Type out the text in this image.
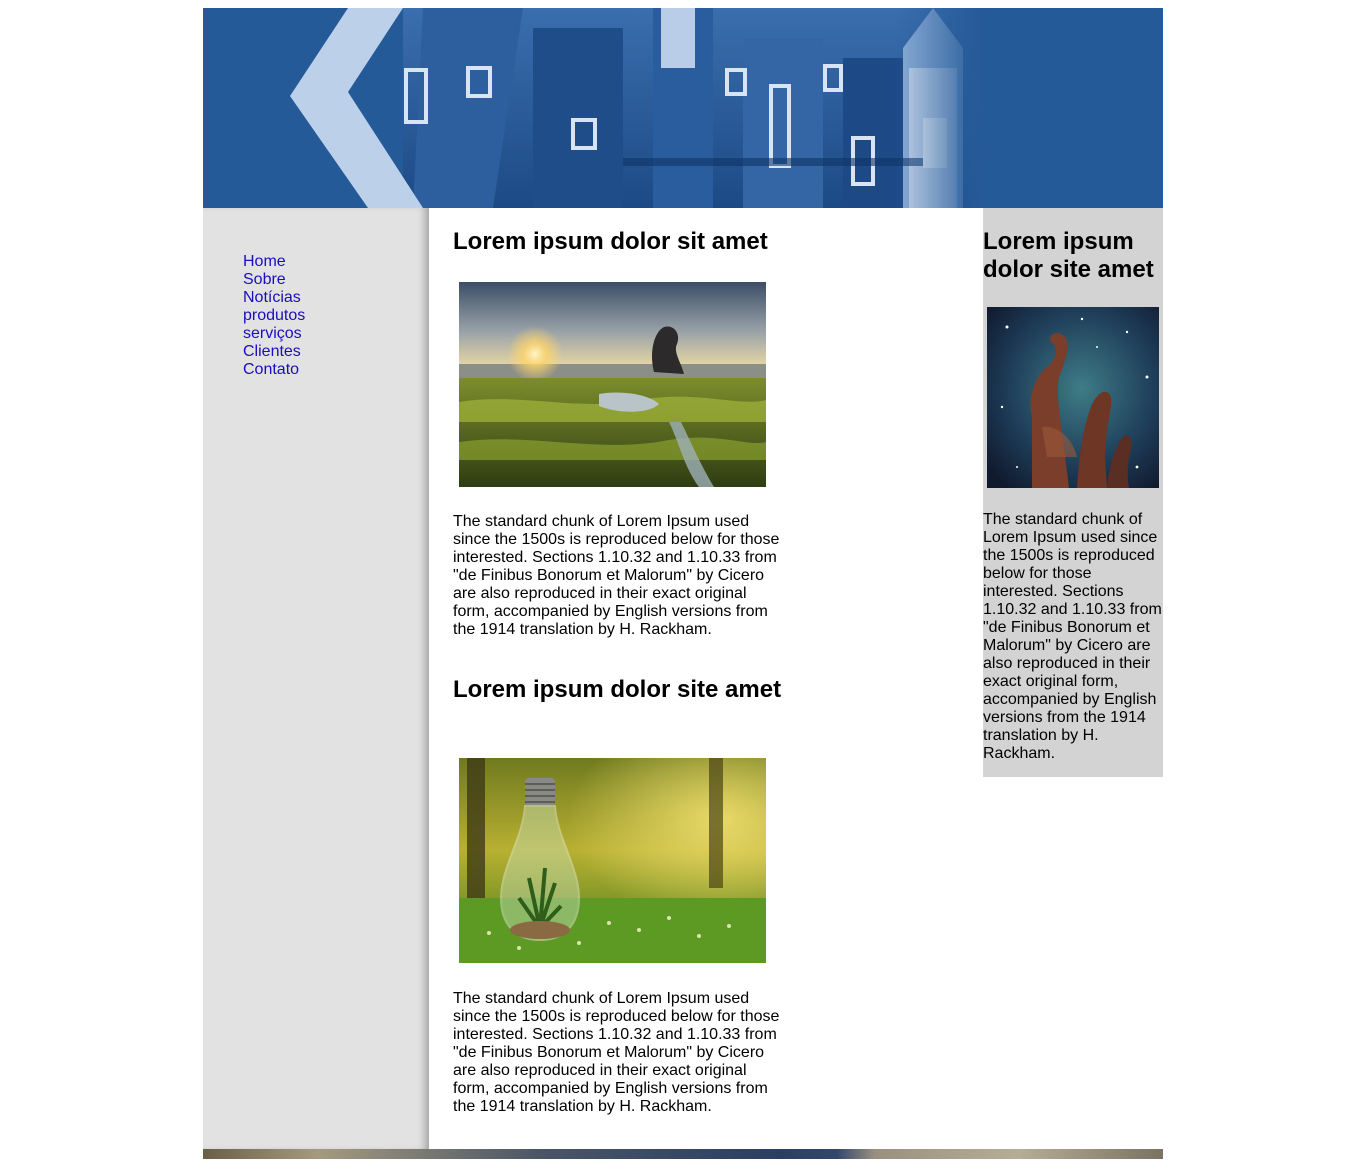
Home
Sobre
Notícias
produtos
serviços
Clientes
Contato
Lorem ipsum dolor sit amet

The standard chunk of Lorem Ipsum used since the 1500s is reproduced below for those interested. Sections 1.10.32 and 1.10.33 from "de Finibus Bonorum et Malorum" by Cicero are also reproduced in their exact original form, accompanied by English versions from the 1914 translation by H. Rackham.

Lorem ipsum dolor site amet

The standard chunk of Lorem Ipsum used since the 1500s is reproduced below for those interested. Sections 1.10.32 and 1.10.33 from "de Finibus Bonorum et Malorum" by Cicero are also reproduced in their exact original form, accompanied by English versions from the 1914 translation by H. Rackham.

Lorem ipsum dolor site amet

The standard chunk of Lorem Ipsum used since the 1500s is reproduced below for those interested. Sections 1.10.32 and 1.10.33 from "de Finibus Bonorum et Malorum" by Cicero are also reproduced in their exact original form, accompanied by English versions from the 1914 translation by H. Rackham.
